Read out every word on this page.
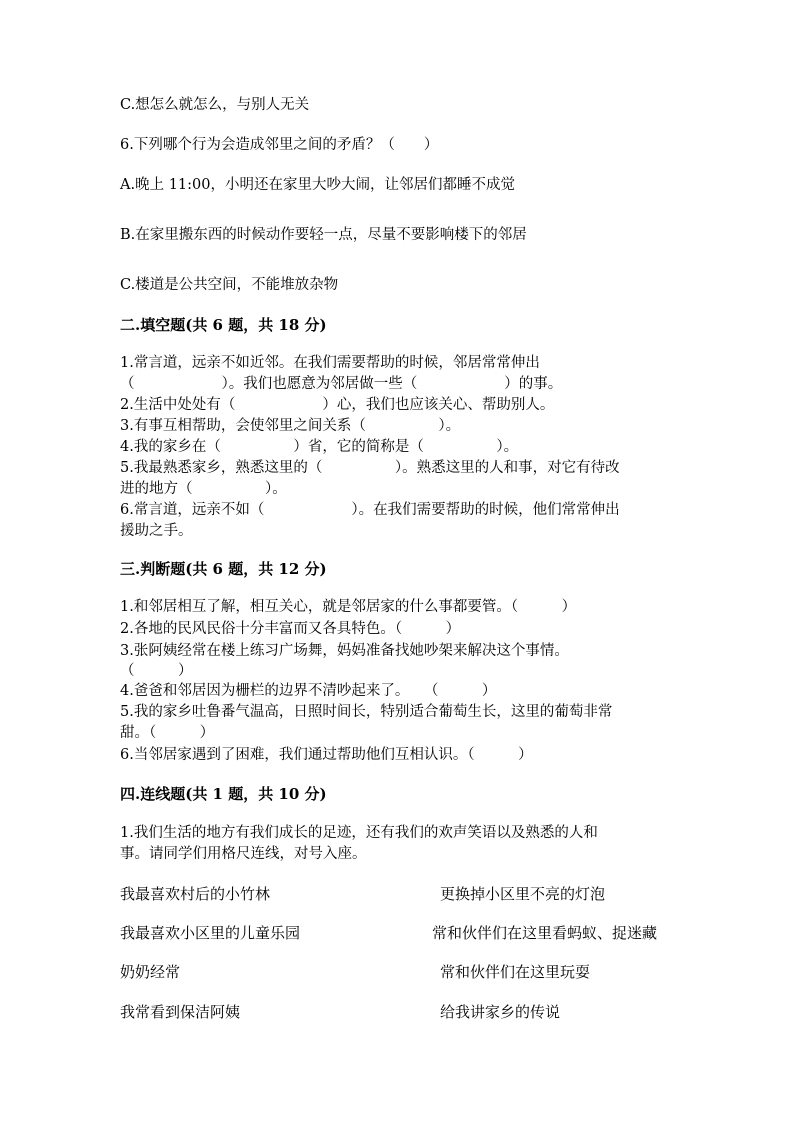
C.想怎么就怎么，与别人无关
6.下列哪个行为会造成邻里之间的矛盾？（　　）
A.晚上 11:00，小明还在家里大吵大闹，让邻居们都睡不成觉
B.在家里搬东西的时候动作要轻一点，尽量不要影响楼下的邻居
C.楼道是公共空间，不能堆放杂物
二.填空题(共 6 题，共 18 分)
1.常言道，远亲不如近邻。在我们需要帮助的时候，邻居常常伸出
（　　　　　　）。我们也愿意为邻居做一些（　　　　　　）的事。
2.生活中处处有（　　　　　　）心，我们也应该关心、帮助别人。
3.有事互相帮助，会使邻里之间关系（　　　　　）。
4.我的家乡在（　　　　　）省，它的简称是（　　　　　）。
5.我最熟悉家乡，熟悉这里的（　　　　　）。熟悉这里的人和事，对它有待改
进的地方（　　　　　）。
6.常言道，远亲不如（　　　　　　）。在我们需要帮助的时候，他们常常伸出
援助之手。
三.判断题(共 6 题，共 12 分)
1.和邻居相互了解，相互关心，就是邻居家的什么事都要管。（　　　）
2.各地的民风民俗十分丰富而又各具特色。（　　　）
3.张阿姨经常在楼上练习广场舞，妈妈准备找她吵架来解决这个事情。
（　　　）
4.爸爸和邻居因为栅栏的边界不清吵起来了。　　（　　　）
5.我的家乡吐鲁番气温高，日照时间长，特别适合葡萄生长，这里的葡萄非常
甜。（　　　）
6.当邻居家遇到了困难，我们通过帮助他们互相认识。（　　　）
四.连线题(共 1 题，共 10 分)
1.我们生活的地方有我们成长的足迹，还有我们的欢声笑语以及熟悉的人和
事。请同学们用格尺连线，对号入座。
我最喜欢村后的小竹林
我最喜欢小区里的儿童乐园
奶奶经常
我常看到保洁阿姨
更换掉小区里不亮的灯泡
常和伙伴们在这里看蚂蚁、捉迷藏
常和伙伴们在这里玩耍
给我讲家乡的传说
